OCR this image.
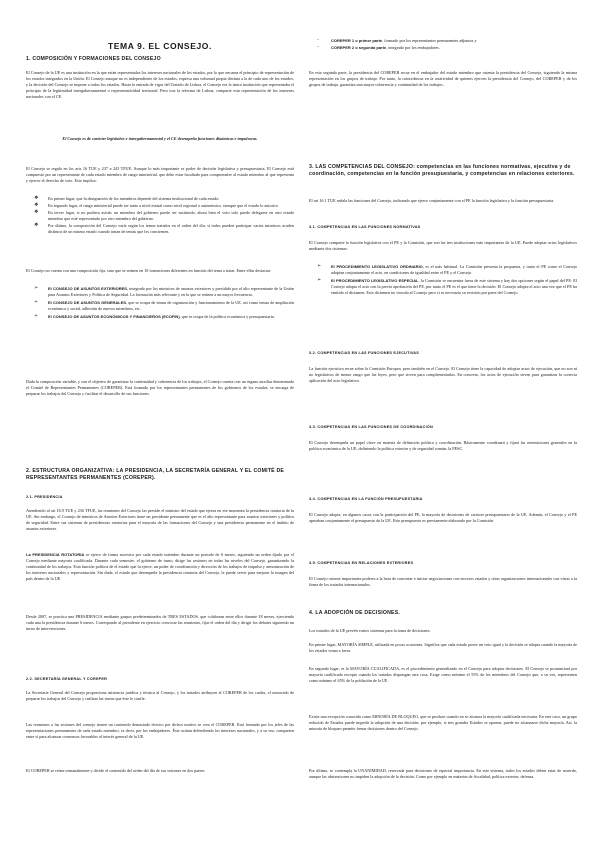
TEMA 9. EL CONSEJO.
1. COMPOSICIÓN Y FORMACIONES DEL CONSEJO
El Consejo de la UE es una institución en la que están representados los intereses nacionales de los estados, por lo que encarna el principio de representación de los estados integrados en la Unión. El Consejo aunque no es independiente de los estados, expresa una voluntad propia distinta a la de cada uno de los estados, y la decisión del Consejo se impone a todos los estados. Hasta la entrada de vigor del Tratado de Lisboa, el Consejo era la única institución que representaba el principio de la legitimidad intergubernamental o representatividad territorial. Pero tras la reforma de Lisboa, comparte esta representación de los intereses nacionales con el CE.
El Consejo es de carácter legislativo e intergubernamental y el CE desempeña funciones dinámicas e impulsoras.
El Consejo se regula en los arts 16 TUE y 237 a 243 TFUE. Aunque lo más importante es poder de decisión legislativa y presupuestaria. El Consejo está compuesto por un representante de cada estado miembro de rango ministerial, que debe estar facultado para comprometer al estado miembro al que representa y ejercer el derecho de voto. Esto implica:
❖	En primer lugar, que la designación de los miembros depende del sistema institucional de cada estado.
❖	En segundo lugar, el rango ministerial puede ser tanto a nivel estatal como nivel regional o autonómico, siempre que el estado lo autorice.
❖	En tercer lugar, si no pudiera asistir, un miembro del gobierno puede ser sustituido, ahora bien el voto solo puede delegarse en otro estado miembro que esté representado por otro miembro del gobierno.
❖	Por último, la composición del Consejo varía según los temas tratados en el orden del día; si todos pueden participar varios ministros acuden distintos de un mismo estado cuando tratan de temas que les conciernen.
El Consejo no cuenta con una composición fija, sino que se reúnen en 10 formaciones diferentes en función del tema a tratar. Entre ellas destacan:
➢	El CONSEJO DE ASUNTOS EXTERIORES, integrado por los ministros de asuntos exteriores y presidido por el alto representante de la Unión para Asuntos Exteriores y Política de Seguridad. La formación más relevante y en la que se reúnen a un mayor frecuencia.
➢	El CONSEJO DE ASUNTOS GENERALES, que se ocupa de temas de organización y funcionamiento de la UE, así como temas de ampliación económica y social, adhesión de nuevos miembros, etc.
➢	El CONSEJO DE ASUNTOS ECONÓMICOS Y FINANCIEROS (ECOFIN), que se ocupa de la política económica y presupuestaria.
Dada la composición variable, y con el objetivo de garantizar la continuidad y coherencia de los trabajos, el Consejo cuenta con un órgano auxiliar denominado el Comité de Representantes Permanentes (COREPER). Está formado por los representantes permanentes de los gobiernos de los estados, se encarga de preparar los trabajos del Consejo y facilitar el desarrollo de sus funciones.
2. ESTRUCTURA ORGANIZATIVA: LA PRESIDENCIA, LA SECRETARÍA GENERAL Y EL COMITÉ DE REPRESENTANTES PERMANENTES (COREPER).
2.1. PRESIDENCIA
Atendiendo al art 16.9 TUE y 236 TFUE, las reuniones del Consejo las preside el ministro del estado que ejerza en ese momento la presidencia rotatoria de la UE. Sin embargo, el Consejo de ministros de Asuntos Exteriores tiene un presidente permanente que es el alto representante para asuntos exteriores y política de seguridad. Entre sus sistemas de presidencias rotatorias para el mayoría de las formaciones del Consejo y una presidencia permanente en el ámbito de asuntos exteriores.
La PRESIDENCIA ROTATORIA se ejerce de forma sucesiva por cada estado miembro durante un periodo de 6 meses, siguiendo un orden fijado por el Consejo mediante mayoría cualificada. Durante cada semestre, el gobierno de turno, dirige las sesiones en todas las niveles del Consejo, garantizando la continuidad de los trabajos. Esta función política de el estado que la ejerce, un poder de coordinación y dirección de los trabajos de impulso y armonización de los intereses nacionales y representación. Sin duda, el estado que desempeña la presidencia rotatoria del Consejo, le puede servir para mejorar la imagen del país dentro de la UE.
Desde 2007, se practica una PRESIDENCIA mediante grupos predeterminados de TRES ESTADOS, que colaboran entre ellos durante 18 meses, ejerciendo cada una la presidencia durante 6 meses. Corresponde al presidente en ejercicio convocar las reuniones, fijar el orden del día y dirigir los debates siguiendo un turno de intervenciones.
2.2. SECRETARÍA GENERAL Y COREPER
La Secretaría General del Consejo proporciona asistencia jurídica y técnica al Consejo, y los tratados atribuyen al COREPER de los cuales, el asesorado de preparar los trabajos del Consejo y realizar las tareas que éste le confíe.
Las reuniones a las sesiones del consejo tienen un contenido demasiado técnico por dichos motivo se crea el COREPER. Está formado por los jefes de las representaciones permanentes de cada estado miembro, es decir, por los embajadores. Éste actúan defendiendo los intereses nacionales, y a su vez, comparten entre sí para alcanzar consensos favorables al interés general de la UE.
El COREPER se reúne semanalmente y divide el contenido del orden del día de sus sesiones en dos partes:
-	COREPER 1 o primer parte, formado por los representantes permanentes adjuntos y
-	COREPER 2 o segunda parte, integrado por los embajadores.
En esta segunda parte, la presidencia del COREPER recae en el embajador del estado miembro que ostenta la presidencia del Consejo, siguiendo la misma representación en los grupos de trabajo. Por tanto, la coincidencia en la rotatividad de quienes ejercen la presidencia del Consejo, del COREPER y de los grupos de trabajo, garantiza una mayor coherencia y continuidad de los trabajos.
3. LAS COMPETENCIAS DEL CONSEJO: competencias en las funciones normativas, ejecutiva y de coordinación, competencias en la función presupuestaria, y competencias en relaciones exteriores.
El art 16.1 TUE señala las funciones del Consejo, indicando que ejerce conjuntamente con el PE la función legislativa y la función presupuestaria.
3.1. COMPETENCIAS EN LAS FUNCIONES NORMATIVAS
El Consejo comparte la función legislativa con el PE y la Comisión, que son las tres instituciones más importantes de la UE. Puede adoptar actos legislativos mediante dos sistemas:
➢	El PROCEDIMIENTO LEGISLATIVO ORDINARIO, es el más habitual. La Comisión presenta la propuesta, y tanto el PE como el Consejo adoptan conjuntamente el acto, en condiciones de igualdad entre el PE y el Consejo.
➢	El PROCEDIMIENTO LEGISLATIVO ESPECIAL, la Comisión se encuentra fuera de este sistema y hay dos opciones según el papel del PE: El Consejo adopta el acto con la previa aprobación del PE, por tanto el PE es el que tiene la decisión. El Consejo adopta el acto una vez que el PE ha emitido el dictamen. Este dictamen no vincula al Consejo pero si es necesario su revisión por parte del Consejo.
3.2. COMPETENCIAS EN LAS FUNCIONES EJECUTIVAS
La función ejecutiva recae sobre la Comisión Europea, pero también en el Consejo. El Consejo tiene la capacidad de adoptar actos de ejecución, que no son ni no legislativos de menor rango que las leyes, pero que sirven para complementarlas. En concreto, los actos de ejecución sirven para garantizar la correcta aplicación del acto legislativo.
3.3. COMPETENCIAS EN LAS FUNCIONES DE COORDINACIÓN
El Consejo desempeña un papel clave en materia de definición política y coordinación. Básicamente coordinará y fijará las orientaciones generales en la política económica de la UE, definiendo la política exterior y de seguridad común, la PESC.
3.4. COMPETENCIAS EN LA FUNCIÓN PRESUPUESTARIA
El Consejo adopta, en algunos casos con la participación del PE, la mayoría de decisiones de carácter presupuestario de la UE. Además, el Consejo y el PE aprueban conjuntamente el presupuesto de la UE. Este presupuesto es previamente elaborado por la Comisión.
3.5. COMPETENCIAS EN RELACIONES EXTERIORES
El Consejo ostenta importantes poderes a la hora de concertar e iniciar negociaciones con terceros estados y otras organizaciones internacionales con vistas a la firma de los tratados internacionales.
4. LA ADOPCIÓN DE DECISIONES.
Los tratados de la UE prevén varios sistemas para la toma de decisiones.
En primer lugar, MAYORÍA SIMPLE, utilizada en pocas ocasiones. Significa que cada estado posee un voto igual y la decisión se adopta cuando la mayoría de los estados votan a favor.
En segundo lugar, es la MAYORÍA CUALIFICADA, es el procedimiento generalizado en el Consejo para adoptar decisiones. El Consejo se pronunciará por mayoría cualificada excepto cuando los tratados dispongan otra cosa. Exige como mínimo el 55% de los miembros del Consejo que, a su vez, representen como mínimo el 65% de la población de la UE.
Existe una excepción conocida como MINORÍA DE BLOQUEO, que se produce cuando no se alcanza la mayoría cualificada necesaria. En este caso, un grupo reducido de Estados puede impedir la adopción de una decisión: por ejemplo, si tres grandes Estados se oponen, puede no alcanzarse dicha mayoría. Así, la minoría de bloqueo permite frenar decisiones dentro del Consejo.
Por último, se contempla la UNANIMIDAD, reservada para decisiones de especial importancia. En este sistema, todos los estados deben estar de acuerdo, aunque las abstenciones no impiden la adopción de la decisión. Como por ejemplo en materias de fiscalidad, política exterior, defensa.
